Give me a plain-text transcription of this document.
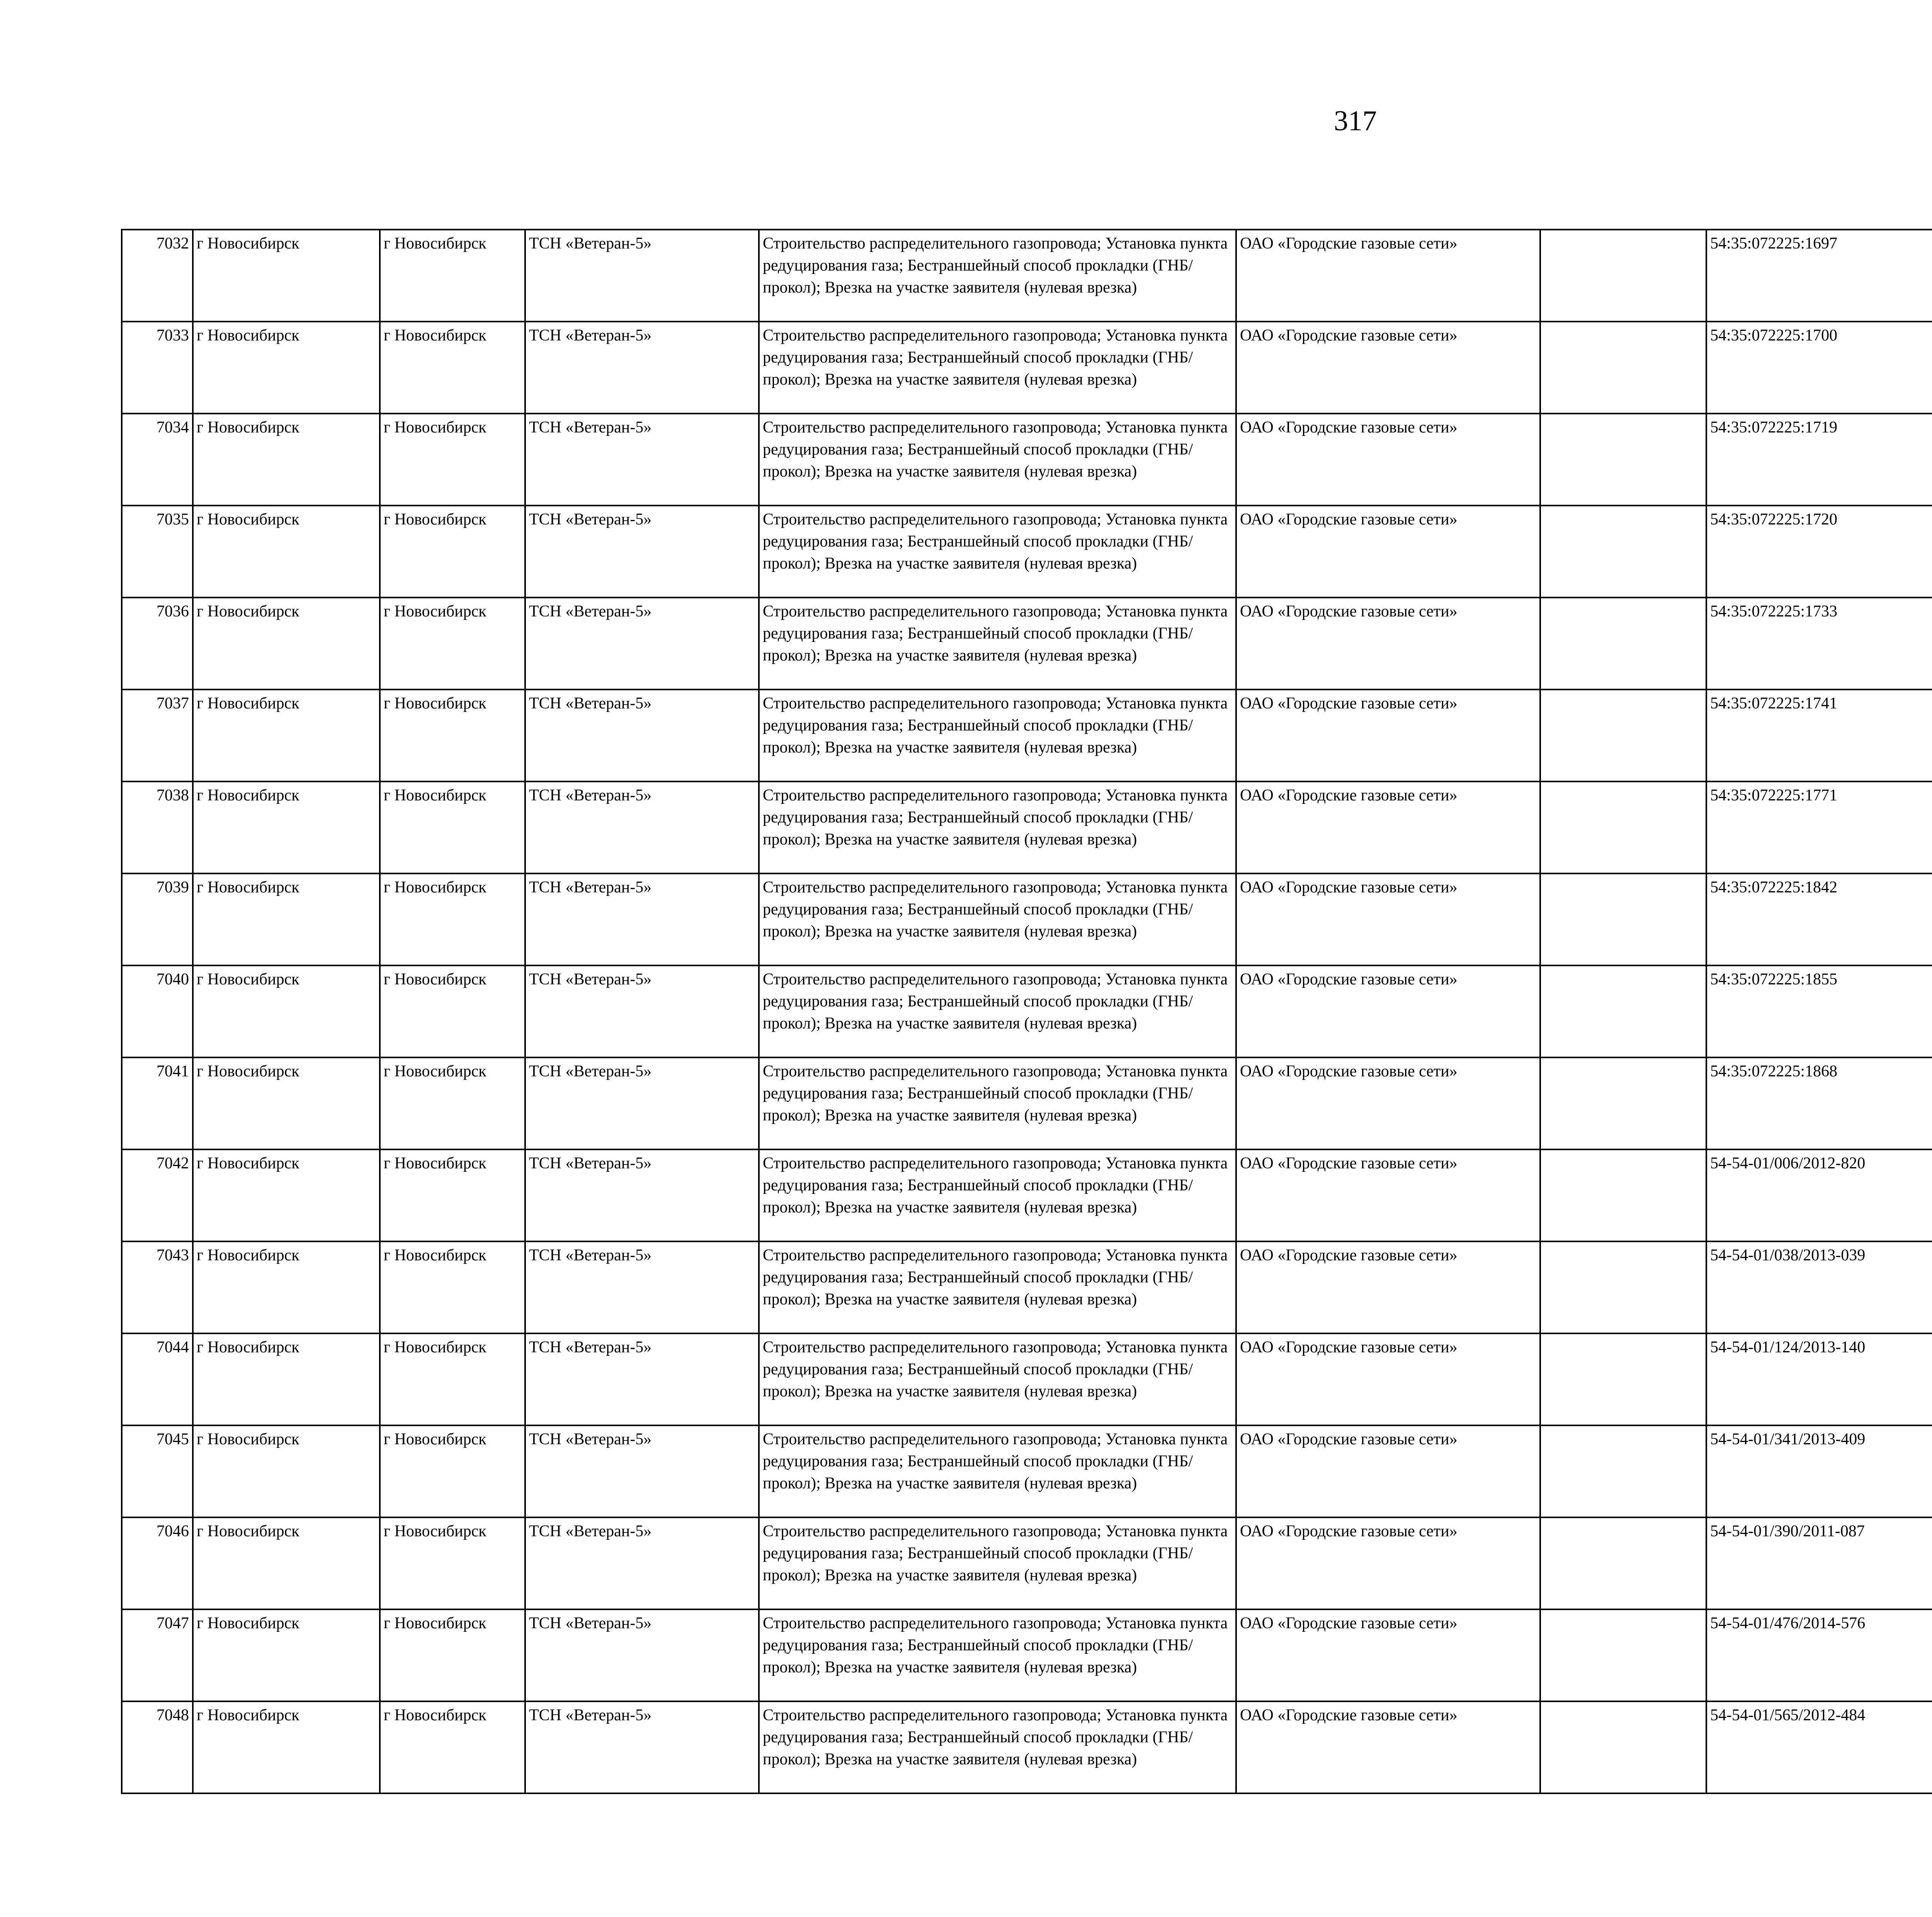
317
7032	г Новосибирск	г Новосибирск	ТСН «Ветеран-5»	Строительство распределительного газопровода; Установка пункта редуцирования газа; Бестраншейный способ прокладки (ГНБ/прокол); Врезка на участке заявителя (нулевая врезка)	ОАО «Городские газовые сети»		54:35:072225:1697					
7033	г Новосибирск	г Новосибирск	ТСН «Ветеран-5»	Строительство распределительного газопровода; Установка пункта редуцирования газа; Бестраншейный способ прокладки (ГНБ/прокол); Врезка на участке заявителя (нулевая врезка)	ОАО «Городские газовые сети»		54:35:072225:1700					
7034	г Новосибирск	г Новосибирск	ТСН «Ветеран-5»	Строительство распределительного газопровода; Установка пункта редуцирования газа; Бестраншейный способ прокладки (ГНБ/прокол); Врезка на участке заявителя (нулевая врезка)	ОАО «Городские газовые сети»		54:35:072225:1719					
7035	г Новосибирск	г Новосибирск	ТСН «Ветеран-5»	Строительство распределительного газопровода; Установка пункта редуцирования газа; Бестраншейный способ прокладки (ГНБ/прокол); Врезка на участке заявителя (нулевая врезка)	ОАО «Городские газовые сети»		54:35:072225:1720					
7036	г Новосибирск	г Новосибирск	ТСН «Ветеран-5»	Строительство распределительного газопровода; Установка пункта редуцирования газа; Бестраншейный способ прокладки (ГНБ/прокол); Врезка на участке заявителя (нулевая врезка)	ОАО «Городские газовые сети»		54:35:072225:1733					
7037	г Новосибирск	г Новосибирск	ТСН «Ветеран-5»	Строительство распределительного газопровода; Установка пункта редуцирования газа; Бестраншейный способ прокладки (ГНБ/прокол); Врезка на участке заявителя (нулевая врезка)	ОАО «Городские газовые сети»		54:35:072225:1741					
7038	г Новосибирск	г Новосибирск	ТСН «Ветеран-5»	Строительство распределительного газопровода; Установка пункта редуцирования газа; Бестраншейный способ прокладки (ГНБ/прокол); Врезка на участке заявителя (нулевая врезка)	ОАО «Городские газовые сети»		54:35:072225:1771					
7039	г Новосибирск	г Новосибирск	ТСН «Ветеран-5»	Строительство распределительного газопровода; Установка пункта редуцирования газа; Бестраншейный способ прокладки (ГНБ/прокол); Врезка на участке заявителя (нулевая врезка)	ОАО «Городские газовые сети»		54:35:072225:1842					
7040	г Новосибирск	г Новосибирск	ТСН «Ветеран-5»	Строительство распределительного газопровода; Установка пункта редуцирования газа; Бестраншейный способ прокладки (ГНБ/прокол); Врезка на участке заявителя (нулевая врезка)	ОАО «Городские газовые сети»		54:35:072225:1855					
7041	г Новосибирск	г Новосибирск	ТСН «Ветеран-5»	Строительство распределительного газопровода; Установка пункта редуцирования газа; Бестраншейный способ прокладки (ГНБ/прокол); Врезка на участке заявителя (нулевая врезка)	ОАО «Городские газовые сети»		54:35:072225:1868					
7042	г Новосибирск	г Новосибирск	ТСН «Ветеран-5»	Строительство распределительного газопровода; Установка пункта редуцирования газа; Бестраншейный способ прокладки (ГНБ/прокол); Врезка на участке заявителя (нулевая врезка)	ОАО «Городские газовые сети»		54-54-01/006/2012-820					
7043	г Новосибирск	г Новосибирск	ТСН «Ветеран-5»	Строительство распределительного газопровода; Установка пункта редуцирования газа; Бестраншейный способ прокладки (ГНБ/прокол); Врезка на участке заявителя (нулевая врезка)	ОАО «Городские газовые сети»		54-54-01/038/2013-039					
7044	г Новосибирск	г Новосибирск	ТСН «Ветеран-5»	Строительство распределительного газопровода; Установка пункта редуцирования газа; Бестраншейный способ прокладки (ГНБ/прокол); Врезка на участке заявителя (нулевая врезка)	ОАО «Городские газовые сети»		54-54-01/124/2013-140					
7045	г Новосибирск	г Новосибирск	ТСН «Ветеран-5»	Строительство распределительного газопровода; Установка пункта редуцирования газа; Бестраншейный способ прокладки (ГНБ/прокол); Врезка на участке заявителя (нулевая врезка)	ОАО «Городские газовые сети»		54-54-01/341/2013-409					
7046	г Новосибирск	г Новосибирск	ТСН «Ветеран-5»	Строительство распределительного газопровода; Установка пункта редуцирования газа; Бестраншейный способ прокладки (ГНБ/прокол); Врезка на участке заявителя (нулевая врезка)	ОАО «Городские газовые сети»		54-54-01/390/2011-087					
7047	г Новосибирск	г Новосибирск	ТСН «Ветеран-5»	Строительство распределительного газопровода; Установка пункта редуцирования газа; Бестраншейный способ прокладки (ГНБ/прокол); Врезка на участке заявителя (нулевая врезка)	ОАО «Городские газовые сети»		54-54-01/476/2014-576					
7048	г Новосибирск	г Новосибирск	ТСН «Ветеран-5»	Строительство распределительного газопровода; Установка пункта редуцирования газа; Бестраншейный способ прокладки (ГНБ/прокол); Врезка на участке заявителя (нулевая врезка)	ОАО «Городские газовые сети»		54-54-01/565/2012-484					
